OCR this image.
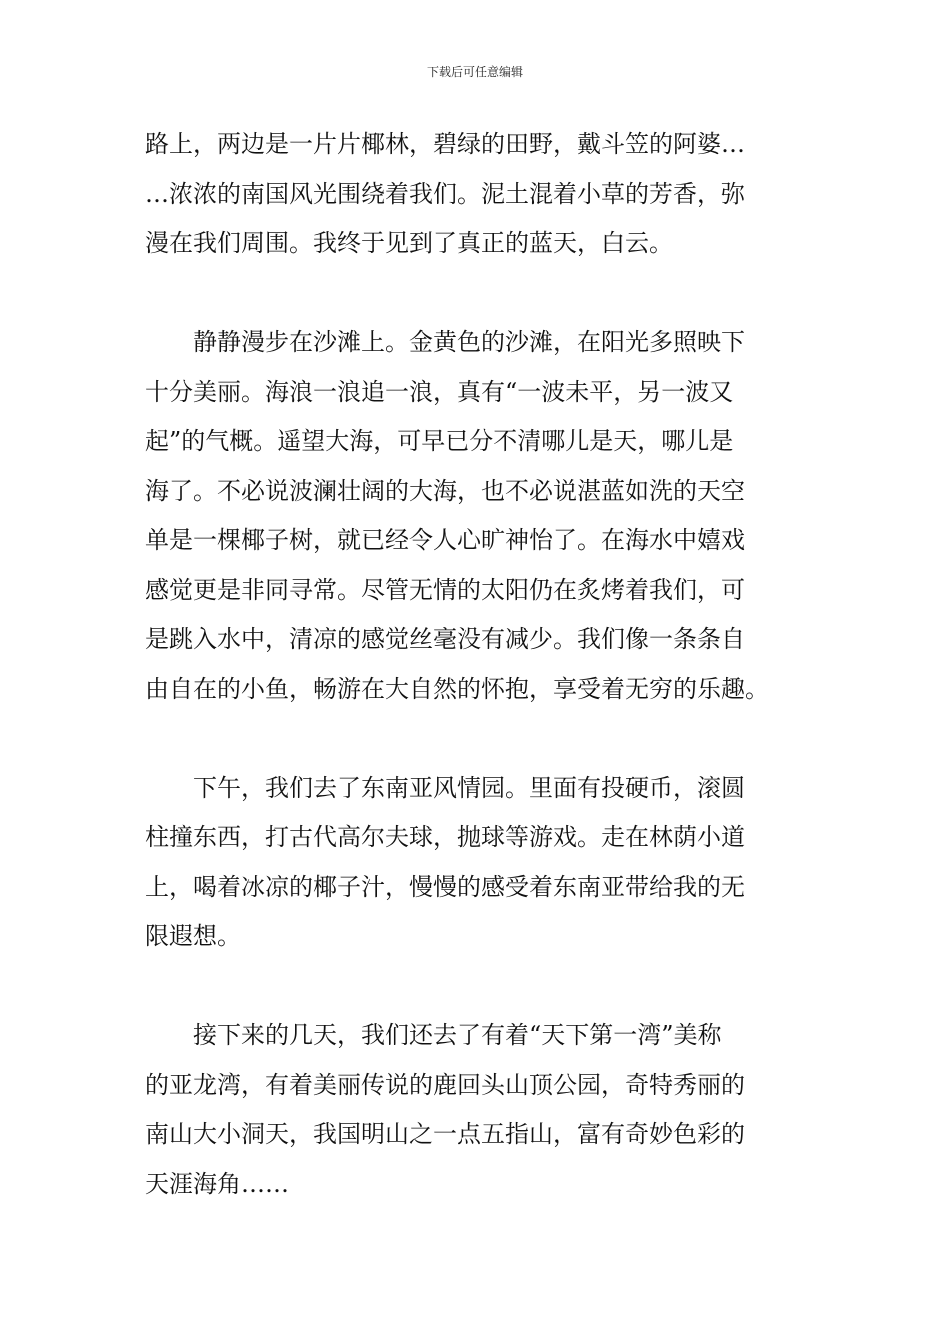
下载后可任意编辑
路上，两边是一片片椰林，碧绿的田野，戴斗笠的阿婆…
…浓浓的南国风光围绕着我们。泥土混着小草的芳香，弥
漫在我们周围。我终于见到了真正的蓝天，白云。
　　静静漫步在沙滩上。金黄色的沙滩，在阳光多照映下
十分美丽。海浪一浪追一浪，真有“一波未平，另一波又
起”的气概。遥望大海，可早已分不清哪儿是天，哪儿是
海了。不必说波澜壮阔的大海，也不必说湛蓝如洗的天空
单是一棵椰子树，就已经令人心旷神怡了。在海水中嬉戏
感觉更是非同寻常。尽管无情的太阳仍在炙烤着我们，可
是跳入水中，清凉的感觉丝毫没有减少。我们像一条条自
由自在的小鱼，畅游在大自然的怀抱，享受着无穷的乐趣。
　　下午，我们去了东南亚风情园。里面有投硬币，滚圆
柱撞东西，打古代高尔夫球，抛球等游戏。走在林荫小道
上，喝着冰凉的椰子汁，慢慢的感受着东南亚带给我的无
限遐想。
　　接下来的几天，我们还去了有着“天下第一湾”美称
的亚龙湾，有着美丽传说的鹿回头山顶公园，奇特秀丽的
南山大小洞天，我国明山之一点五指山，富有奇妙色彩的
天涯海角……
